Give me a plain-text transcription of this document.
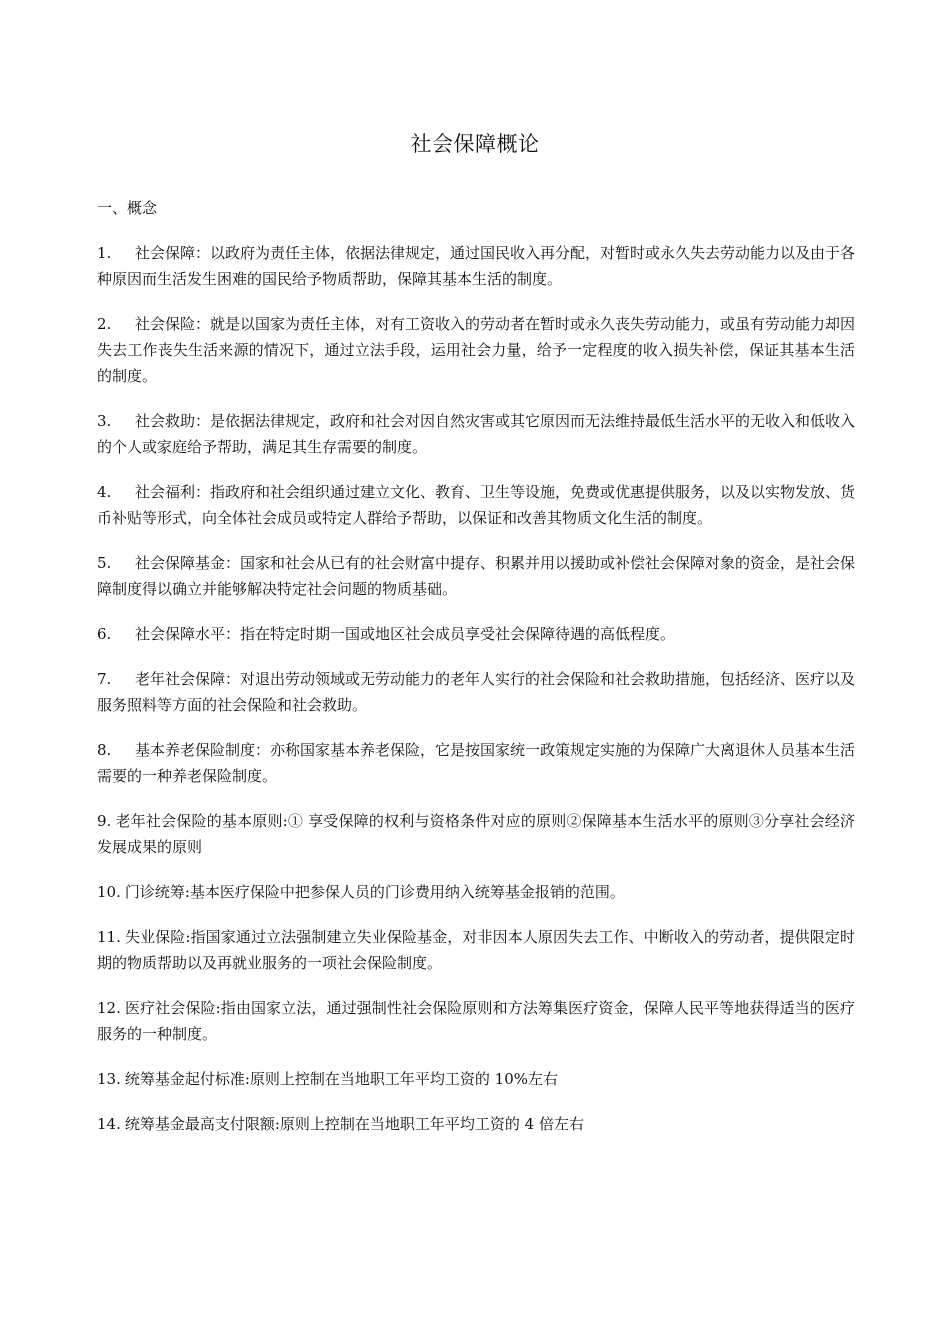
社会保障概论
一、概念

1. 社会保障：以政府为责任主体，依据法律规定，通过国民收入再分配，对暂时或永久失去劳动能力以及由于各种原因而生活发生困难的国民给予物质帮助，保障其基本生活的制度。

2. 社会保险：就是以国家为责任主体，对有工资收入的劳动者在暂时或永久丧失劳动能力，或虽有劳动能力却因失去工作丧失生活来源的情况下，通过立法手段，运用社会力量，给予一定程度的收入损失补偿，保证其基本生活的制度。

3. 社会救助：是依据法律规定，政府和社会对因自然灾害或其它原因而无法维持最低生活水平的无收入和低收入的个人或家庭给予帮助，满足其生存需要的制度。

4. 社会福利：指政府和社会组织通过建立文化、教育、卫生等设施，免费或优惠提供服务，以及以实物发放、货币补贴等形式，向全体社会成员或特定人群给予帮助，以保证和改善其物质文化生活的制度。

5. 社会保障基金：国家和社会从已有的社会财富中提存、积累并用以援助或补偿社会保障对象的资金，是社会保障制度得以确立并能够解决特定社会问题的物质基础。

6. 社会保障水平：指在特定时期一国或地区社会成员享受社会保障待遇的高低程度。

7. 老年社会保障：对退出劳动领域或无劳动能力的老年人实行的社会保险和社会救助措施，包括经济、医疗以及服务照料等方面的社会保险和社会救助。

8. 基本养老保险制度：亦称国家基本养老保险，它是按国家统一政策规定实施的为保障广大离退休人员基本生活需要的一种养老保险制度。

9. 老年社会保险的基本原则:① 享受保障的权利与资格条件对应的原则②保障基本生活水平的原则③分享社会经济发展成果的原则

10. 门诊统筹:基本医疗保险中把参保人员的门诊费用纳入统筹基金报销的范围。

11. 失业保险:指国家通过立法强制建立失业保险基金，对非因本人原因失去工作、中断收入的劳动者，提供限定时期的物质帮助以及再就业服务的一项社会保险制度。

12. 医疗社会保险:指由国家立法，通过强制性社会保险原则和方法筹集医疗资金，保障人民平等地获得适当的医疗服务的一种制度。

13. 统筹基金起付标准:原则上控制在当地职工年平均工资的 10%左右

14. 统筹基金最高支付限额:原则上控制在当地职工年平均工资的 4 倍左右
